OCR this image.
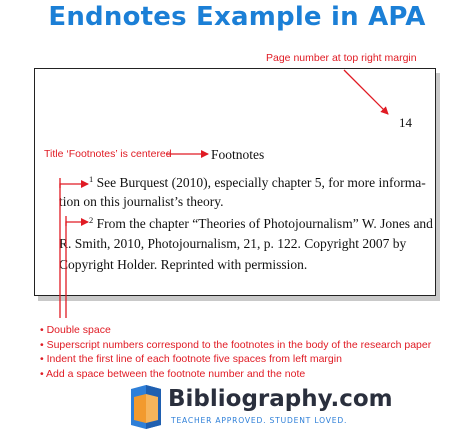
Endnotes Example in APA
Page number at top right margin
Title ‘Footnotes’ is centered
14
Footnotes
$^1$ See Burquest (2010), especially chapter 5, for more informa-
tion on this journalist’s theory.
$^2$ From the chapter “Theories of Photojournalism” W. Jones and
R. Smith, 2010, Photojournalism, 21, p. 122. Copyright 2007 by
Copyright Holder. Reprinted with permission.
• Double space
• Superscript numbers correspond to the footnotes in the body of the research paper
• Indent the first line of each footnote five spaces from left margin
• Add a space between the footnote number and the note
Bibliography.com
TEACHER APPROVED. STUDENT LOVED.
